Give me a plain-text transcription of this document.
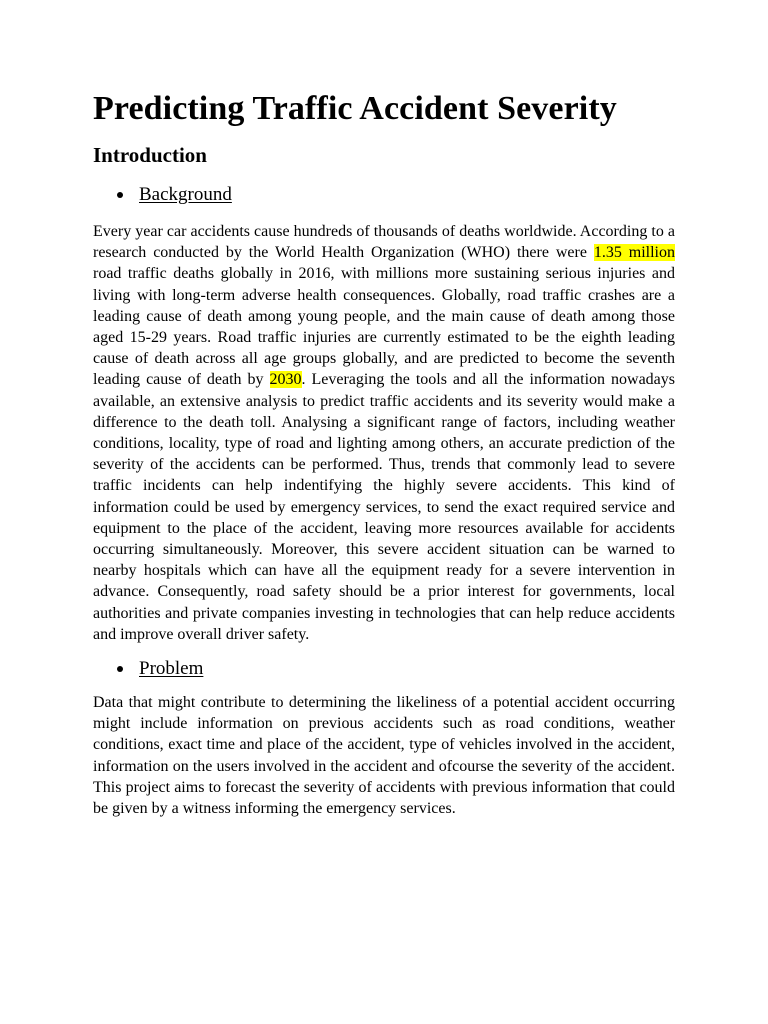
Predicting Traffic Accident Severity
Introduction
Background

Every year car accidents cause hundreds of thousands of deaths worldwide. According to a research conducted by the World Health Organization (WHO) there were 1.35 million road traffic deaths globally in 2016, with millions more sustaining serious injuries and living with long-term adverse health consequences. Globally, road traffic crashes are a leading cause of death among young people, and the main cause of death among those aged 15-29 years. Road traffic injuries are currently estimated to be the eighth leading cause of death across all age groups globally, and are predicted to become the seventh leading cause of death by 2030. Leveraging the tools and all the information nowadays available, an extensive analysis to predict traffic accidents and its severity would make a difference to the death toll. Analysing a significant range of factors, including weather conditions, locality, type of road and lighting among others, an accurate prediction of the severity of the accidents can be performed. Thus, trends that commonly lead to severe traffic incidents can help indentifying the highly severe accidents. This kind of information could be used by emergency services, to send the exact required service and equipment to the place of the accident, leaving more resources available for accidents occurring simultaneously. Moreover, this severe accident situation can be warned to nearby hospitals which can have all the equipment ready for a severe intervention in advance. Consequently, road safety should be a prior interest for governments, local authorities and private companies investing in technologies that can help reduce accidents and improve overall driver safety.

Problem

Data that might contribute to determining the likeliness of a potential accident occurring might include information on previous accidents such as road conditions, weather conditions, exact time and place of the accident, type of vehicles involved in the accident, information on the users involved in the accident and ofcourse the severity of the accident. This project aims to forecast the severity of accidents with previous information that could be given by a witness informing the emergency services.
